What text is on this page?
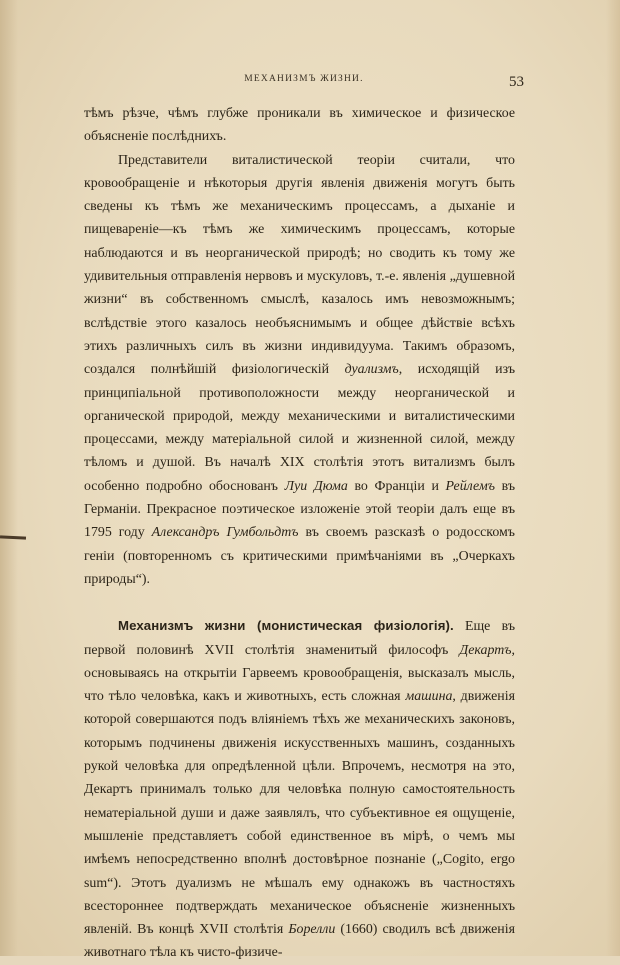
МЕХАНИЗМЪ ЖИЗНИ.	53

тѣмъ рѣзче, чѣмъ глубже проникали въ химическое и физическое объясненіе послѣднихъ.

Представители виталистической теоріи считали, что кровообращеніе и нѣкоторыя другія явленія движенія могутъ быть сведены къ тѣмъ же механическимъ процессамъ, а дыханіе и пищевареніе—къ тѣмъ же химическимъ процессамъ, которые наблюдаются и въ неорганической природѣ; но сводить къ тому же удивительныя отправленія нервовъ и мускуловъ, т.-е. явленія „душевной жизни“ въ собственномъ смыслѣ, казалось имъ невозможнымъ; вслѣдствіе этого казалось необъяснимымъ и общее дѣйствіе всѣхъ этихъ различныхъ силъ въ жизни индивидуума. Такимъ образомъ, создался полнѣйшій физіологическій дуализмъ, исходящій изъ принципіальной противоположности между неорганической и органической природой, между механическими и виталистическими процессами, между матеріальной силой и жизненной силой, между тѣломъ и душой. Въ началѣ XIX столѣтія этотъ витализмъ былъ особенно подробно обоснованъ Луи Дюма во Франціи и Рейлемъ въ Германіи. Прекрасное поэтическое изложеніе этой теоріи далъ еще въ 1795 году Александръ Гумбольдтъ въ своемъ разсказѣ о родосскомъ геніи (повторенномъ съ критическими примѣчаніями въ „Очеркахъ природы“).

Механизмъ жизни (монистическая физіологія). Еще въ первой половинѣ XVII столѣтія знаменитый философъ Декартъ, основываясь на открытіи Гарвеемъ кровообращенія, высказалъ мысль, что тѣло человѣка, какъ и животныхъ, есть сложная машина, движенія которой совершаются подъ вліяніемъ тѣхъ же механическихъ законовъ, которымъ подчинены движенія искусственныхъ машинъ, созданныхъ рукой человѣка для опредѣленной цѣли. Впрочемъ, несмотря на это, Декартъ принималъ только для человѣка полную самостоятельность нематеріальной души и даже заявлялъ, что субъективное ея ощущеніе, мышленіе представляетъ собой единственное въ мірѣ, о чемъ мы имѣемъ непосредственно вполнѣ достовѣрное познаніе („Cogito, ergo sum“). Этотъ дуализмъ не мѣшалъ ему однакожъ въ частностяхъ всестороннее подтверждать механическое объясненіе жизненныхъ явленій. Въ концѣ XVII столѣтія Борелли (1660) сводилъ всѣ движенія животнаго тѣла къ чисто-физиче-
